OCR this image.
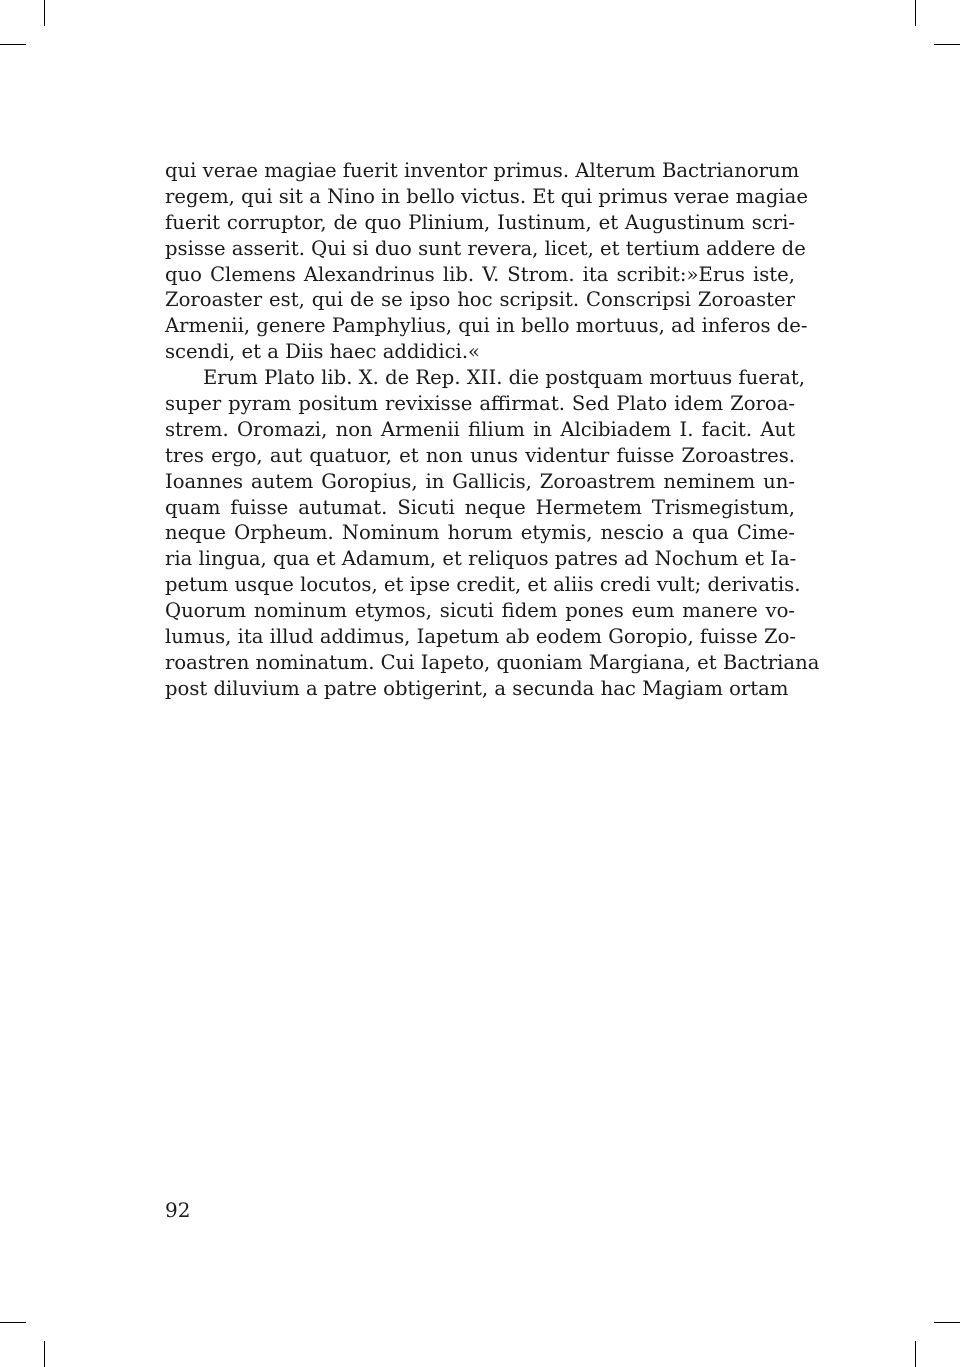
qui verae magiae fuerit inventor primus. Alterum Bactrianorum
regem, qui sit a Nino in bello victus. Et qui primus verae magiae
fuerit corruptor, de quo Plinium, Iustinum, et Augustinum scri-
psisse asserit. Qui si duo sunt revera, licet, et tertium addere de
quo Clemens Alexandrinus lib. V. Strom. ita scribit:»Erus iste,
Zoroaster est, qui de se ipso hoc scripsit. Conscripsi Zoroaster
Armenii, genere Pamphylius, qui in bello mortuus, ad inferos de-
scendi, et a Diis haec addidici.«
Erum Plato lib. X. de Rep. XII. die postquam mortuus fuerat,
super pyram positum revixisse affirmat. Sed Plato idem Zoroa-
strem. Oromazi, non Armenii filium in Alcibiadem I. facit. Aut
tres ergo, aut quatuor, et non unus videntur fuisse Zoroastres.
Ioannes autem Goropius, in Gallicis, Zoroastrem neminem un-
quam fuisse autumat. Sicuti neque Hermetem Trismegistum,
neque Orpheum. Nominum horum etymis, nescio a qua Cime-
ria lingua, qua et Adamum, et reliquos patres ad Nochum et Ia-
petum usque locutos, et ipse credit, et aliis credi vult; derivatis.
Quorum nominum etymos, sicuti fidem pones eum manere vo-
lumus, ita illud addimus, Iapetum ab eodem Goropio, fuisse Zo-
roastren nominatum. Cui Iapeto, quoniam Margiana, et Bactriana
post diluvium a patre obtigerint, a secunda hac Magiam ortam
92
